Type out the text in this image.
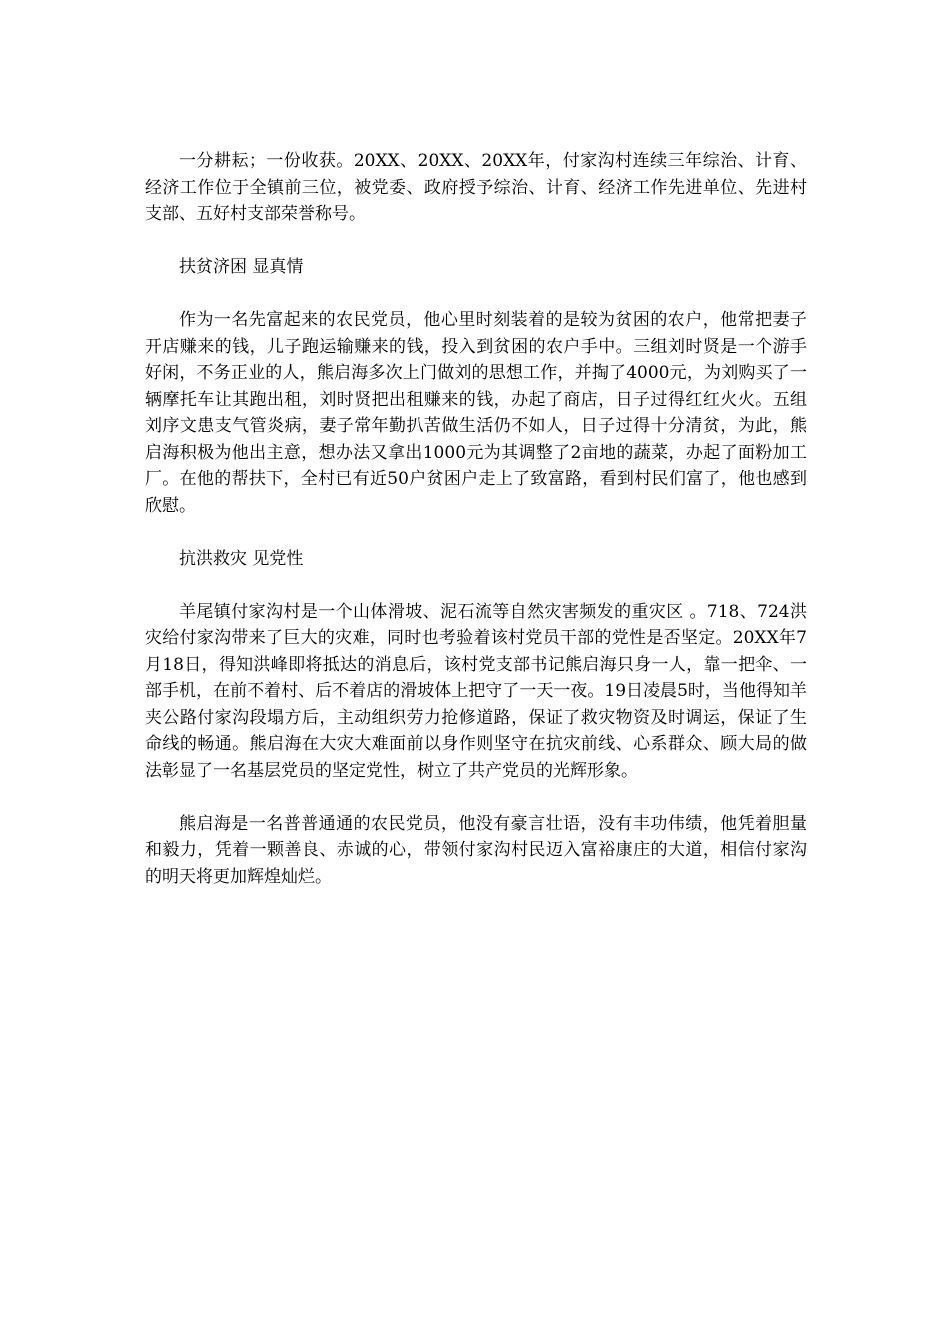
一分耕耘；一份收获。20XX、20XX、20XX年，付家沟村连续三年综治、计育、经济工作位于全镇前三位，被党委、政府授予综治、计育、经济工作先进单位、先进村支部、五好村支部荣誉称号。

扶贫济困 显真情

作为一名先富起来的农民党员，他心里时刻装着的是较为贫困的农户，他常把妻子开店赚来的钱，儿子跑运输赚来的钱，投入到贫困的农户手中。三组刘时贤是一个游手好闲，不务正业的人，熊启海多次上门做刘的思想工作，并掏了4000元，为刘购买了一辆摩托车让其跑出租，刘时贤把出租赚来的钱，办起了商店，日子过得红红火火。五组刘序文患支气管炎病，妻子常年勤扒苦做生活仍不如人，日子过得十分清贫，为此，熊启海积极为他出主意，想办法又拿出1000元为其调整了2亩地的蔬菜，办起了面粉加工厂。在他的帮扶下，全村已有近50户贫困户走上了致富路，看到村民们富了，他也感到欣慰。

抗洪救灾 见党性

羊尾镇付家沟村是一个山体滑坡、泥石流等自然灾害频发的重灾区 。718、724洪灾给付家沟带来了巨大的灾难，同时也考验着该村党员干部的党性是否坚定。20XX年7月18日，得知洪峰即将抵达的消息后，该村党支部书记熊启海只身一人，靠一把伞、一部手机，在前不着村、后不着店的滑坡体上把守了一天一夜。19日凌晨5时，当他得知羊夹公路付家沟段塌方后，主动组织劳力抢修道路，保证了救灾物资及时调运，保证了生命线的畅通。熊启海在大灾大难面前以身作则坚守在抗灾前线、心系群众、顾大局的做法彰显了一名基层党员的坚定党性，树立了共产党员的光辉形象。

熊启海是一名普普通通的农民党员，他没有豪言壮语，没有丰功伟绩，他凭着胆量和毅力，凭着一颗善良、赤诚的心，带领付家沟村民迈入富裕康庄的大道，相信付家沟的明天将更加辉煌灿烂。
